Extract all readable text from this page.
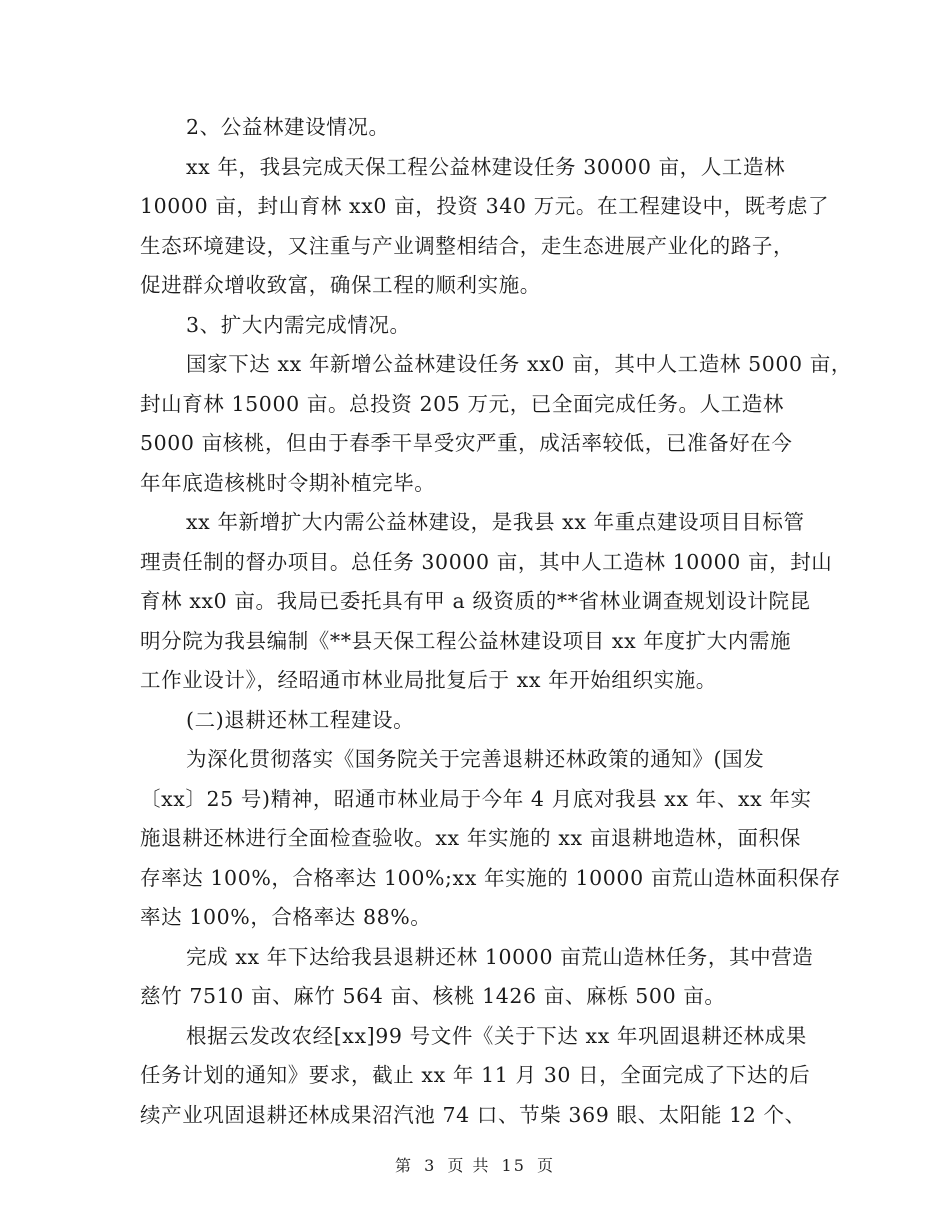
2、公益林建设情况。
xx 年，我县完成天保工程公益林建设任务 30000 亩，人工造林
10000 亩，封山育林 xx0 亩，投资 340 万元。在工程建设中，既考虑了
生态环境建设，又注重与产业调整相结合，走生态进展产业化的路子，
促进群众增收致富，确保工程的顺利实施。
3、扩大内需完成情况。
国家下达 xx 年新增公益林建设任务 xx0 亩，其中人工造林 5000 亩，
封山育林 15000 亩。总投资 205 万元，已全面完成任务。人工造林
5000 亩核桃，但由于春季干旱受灾严重，成活率较低，已准备好在今
年年底造核桃时令期补植完毕。
xx 年新增扩大内需公益林建设，是我县 xx 年重点建设项目目标管
理责任制的督办项目。总任务 30000 亩，其中人工造林 10000 亩，封山
育林 xx0 亩。我局已委托具有甲 a 级资质的**省林业调查规划设计院昆
明分院为我县编制《**县天保工程公益林建设项目 xx 年度扩大内需施
工作业设计》，经昭通市林业局批复后于 xx 年开始组织实施。
(二)退耕还林工程建设。
为深化贯彻落实《国务院关于完善退耕还林政策的通知》(国发
〔xx〕25 号)精神，昭通市林业局于今年 4 月底对我县 xx 年、xx 年实
施退耕还林进行全面检查验收。xx 年实施的 xx 亩退耕地造林，面积保
存率达 100%，合格率达 100%;xx 年实施的 10000 亩荒山造林面积保存
率达 100%，合格率达 88%。
完成 xx 年下达给我县退耕还林 10000 亩荒山造林任务，其中营造
慈竹 7510 亩、麻竹 564 亩、核桃 1426 亩、麻栎 500 亩。
根据云发改农经[xx]99 号文件《关于下达 xx 年巩固退耕还林成果
任务计划的通知》要求，截止 xx 年 11 月 30 日，全面完成了下达的后
续产业巩固退耕还林成果沼汽池 74 口、节柴 369 眼、太阳能 12 个、
第 3 页 共 15 页
